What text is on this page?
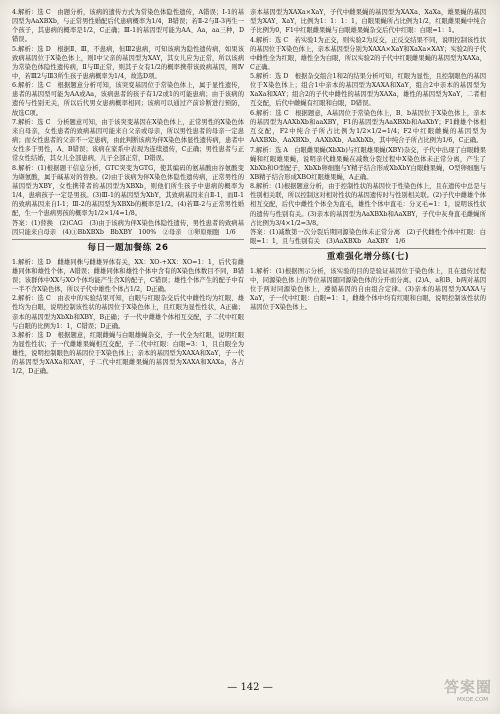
4.解析：选 C　由题分析，该病的遗传方式为常染色体隐性遗传，A错误；Ⅰ-1的基因型为AaXBXb，与正常男性婚配后代患病概率为1/4，B错误；若Ⅱ-2与Ⅱ-3再生一个孩子，其患病的概率是1/2，C正确；Ⅲ-1的基因型可能为AA、Aa，aa三种，D错误。

5.解析：选 D　根据Ⅱ、Ⅲ，不患病，但Ⅲ2患病，可知该病为隐性遗传病，如果该致病基因位于X染色体上，则Ⅰ中父亲的基因型为XAY，其女儿应为正常，所以该病为常染色体隐性遗传病，Ⅱ与Ⅲ正常，则其子女有1/2的概率携带该致病基因，则Ⅳ中，若Ⅲ2与Ⅲ3所生孩子患病概率为1/4，故选D项。

6.解析：选 C　根据题意分析可知，该突变基因位于常染色体上，属于显性遗传，患者的基因型可能为AA或Aa，该病患者的孩子有1/2或1的可能患病；由于该病的遗传与性别无关，所以后代男女患病概率相同；该病可以通过产前诊断进行预防，故选C项。

7.解析：选 C　分析题意可知，由于该突变基因在X染色体上，正常男性的X染色体来自母亲，女性患者的致病基因可能来自父亲或母亲，所以男性患者的母亲一定患病；而女性患者的父亲不一定患病，由此判断该病为伴X染色体显性遗传病，患者中女性多于男性，A、B错误；该病在家系中表现为连续遗传，C正确；男性患者与正常女性结婚，其女儿全部患病，儿子全部正常，D错误。

8.解析：(1)根据题干信息分析，GTC突变为GTG，使其编码的氨基酸由谷氨酸变为缬氨酸，属于碱基对的替换。(2)由于该病为伴X染色体隐性遗传病，正常男性的基因型为XBY，女性携带者的基因型为XBXb，则他们所生孩子中患病的概率为1/4，患病孩子一定是男孩。(3)Ⅲ-1的基因型为XbY，其致病基因来自Ⅱ-1，而Ⅱ-1的致病基因来自Ⅰ-1；Ⅲ-2的基因型为XBXb的概率是1/2。(4)若Ⅲ-2与正常男性婚配，生一个患病男孩的概率为1/2×1/4=1/8。

答案：(1)替换　(2)CAG　(3)由于该病为伴X染色体隐性遗传，男性患者的致病基因只能来自母亲　(4)①BbXBXb　BbXBY　100%　②母亲　③卵原细胞　1/6

每日一题加餐练 26

1.解析：选 D　雌雄同株与雌雄异体有关，XX：XO-+XX：XO=1：1，后代有雌雄同体和雄性个体，A错误；雌雄同体和雄性个体中含有的X染色体数目不同，B错误；该群体中XX与XO个体均能产生含X的配子，C错误；雄性个体产生的配子中有一半不含X染色体，所以子代中雄性个体占1/2，D正确。

2.解析：选 C　由表中的实验结果可知，白眼与红眼杂交后代中雌性均为红眼、雄性均为白眼，说明控制该性状的基因位于X染色体上，且红眼为显性性状，A正确；亲本的基因型为XbXb和XBY，B正确；子一代中雌雄个体相互交配，子二代中红眼与白眼的比例为1：1，C错误；D正确。

3.解析：选 D　根据题意，红眼雌蝇与白眼雄蝇杂交，子一代全为红眼，说明红眼为显性性状；子一代雌雄果蝇相互交配，子二代中红眼：白眼=3：1，且白眼全为雄性，说明控制眼色的基因位于X染色体上；亲本的基因型为XAXA和XaY，子一代的基因型为XAXa和XAY，子二代中红眼雌果蝇的基因型为XAXA和XAXa，各占1/2，D正确。

亲本基因型为XAXa×XaY，子代中雌果蝇的基因型为XAXa、XaXa，雄果蝇的基因型为XAY、XaY，比例为1：1：1：1，白眼果蝇所占比例为1/2，红眼雌果蝇中纯合子比例为0，F1中红眼雌果蝇与白眼雄果蝇杂交后代中红眼：白眼=1：1。

4.解析：选 C　若实验1为正交，则实验2为反交，正反交结果不同，说明控制该性状的基因位于X染色体上，亲本基因型分别为XAXA×XaY和XaXa×XAY；实验2的子代中雌性全为红眼，雄性全为白眼，所以实验2的子代中红眼雌果蝇的基因型为XAXa，C正确。

5.解析：选 D　根据杂交组合1和2的结果分析可知，红眼为显性，且控制眼色的基因位于X染色体上；组合1中亲本的基因型为XAXA和XaY，组合2中亲本的基因型为XaXa和XAY；组合2的子代中雌性的基因型为XAXa，雄性的基因型为XaY，二者相互交配，后代中雌蝇有红眼和白眼，D错误。

6.解析：选 C　根据题意，A基因位于常染色体上，B、b基因位于X染色体上，亲本的基因型为AAXbXb和aaXBY，F1的基因型为AaXBXb和AaXbY；F1雌雄个体相互交配，F2中纯合子所占比例为1/2×1/2=1/4；F2中红眼雌蝇的基因型为AAXBXb、AaXBXb、AAXbXb、AaXbXb，其中纯合子所占比例为1/6，C正确。

7.解析：选 A　白眼雌果蝇(XbXb)与红眼雄果蝇(XBY)杂交，子代中出现了白眼雌果蝇和红眼雄果蝇，说明亲代雌果蝇在减数分裂过程中X染色体未正常分离，产生了XbXb和O型配子，XbXb卵细胞与Y精子结合形成XbXbY白眼雌果蝇，O型卵细胞与XB精子结合形成XBO红眼雄果蝇，A正确。

8.解析：(1)根据题意分析，由于控制性状的基因位于性染色体上，且在遗传中总是与性别相关联，所以控制这对相对性状的基因遗传时与性别相关联。(2)子代中雌雄个体相互交配，后代中雌性个体全为直毛，雄性个体中直毛：分叉毛=1：1，说明该性状的遗传与性别有关。(3)亲本的基因型为AaXBXb和AaXBY，子代中灰身直毛雌蝇所占比例为3/4×1/2=3/8。

答案：(1)减数第一次分裂后期同源染色体未正常分离　(2)子代雌性个体中红眼：白眼=1：1，且与性别有关　(3)AaXBXb　AaXBY　1/6

重难强化增分练(七)

1.解析：(1)根据图示分析，该实验的目的是验证基因位于染色体上，且在遗传过程中，同源染色体上的等位基因随同源染色体的分开而分离。(2)A、a和B、b两对基因位于两对同源染色体上，遵循基因的自由组合定律。(3)亲本的基因型为XAXA与XaY，子一代中红眼：白眼=1：1，雌雄个体中均有红眼和白眼，说明控制该性状的基因位于X染色体上。

— 142 —	答案圈
MXQE.COM
